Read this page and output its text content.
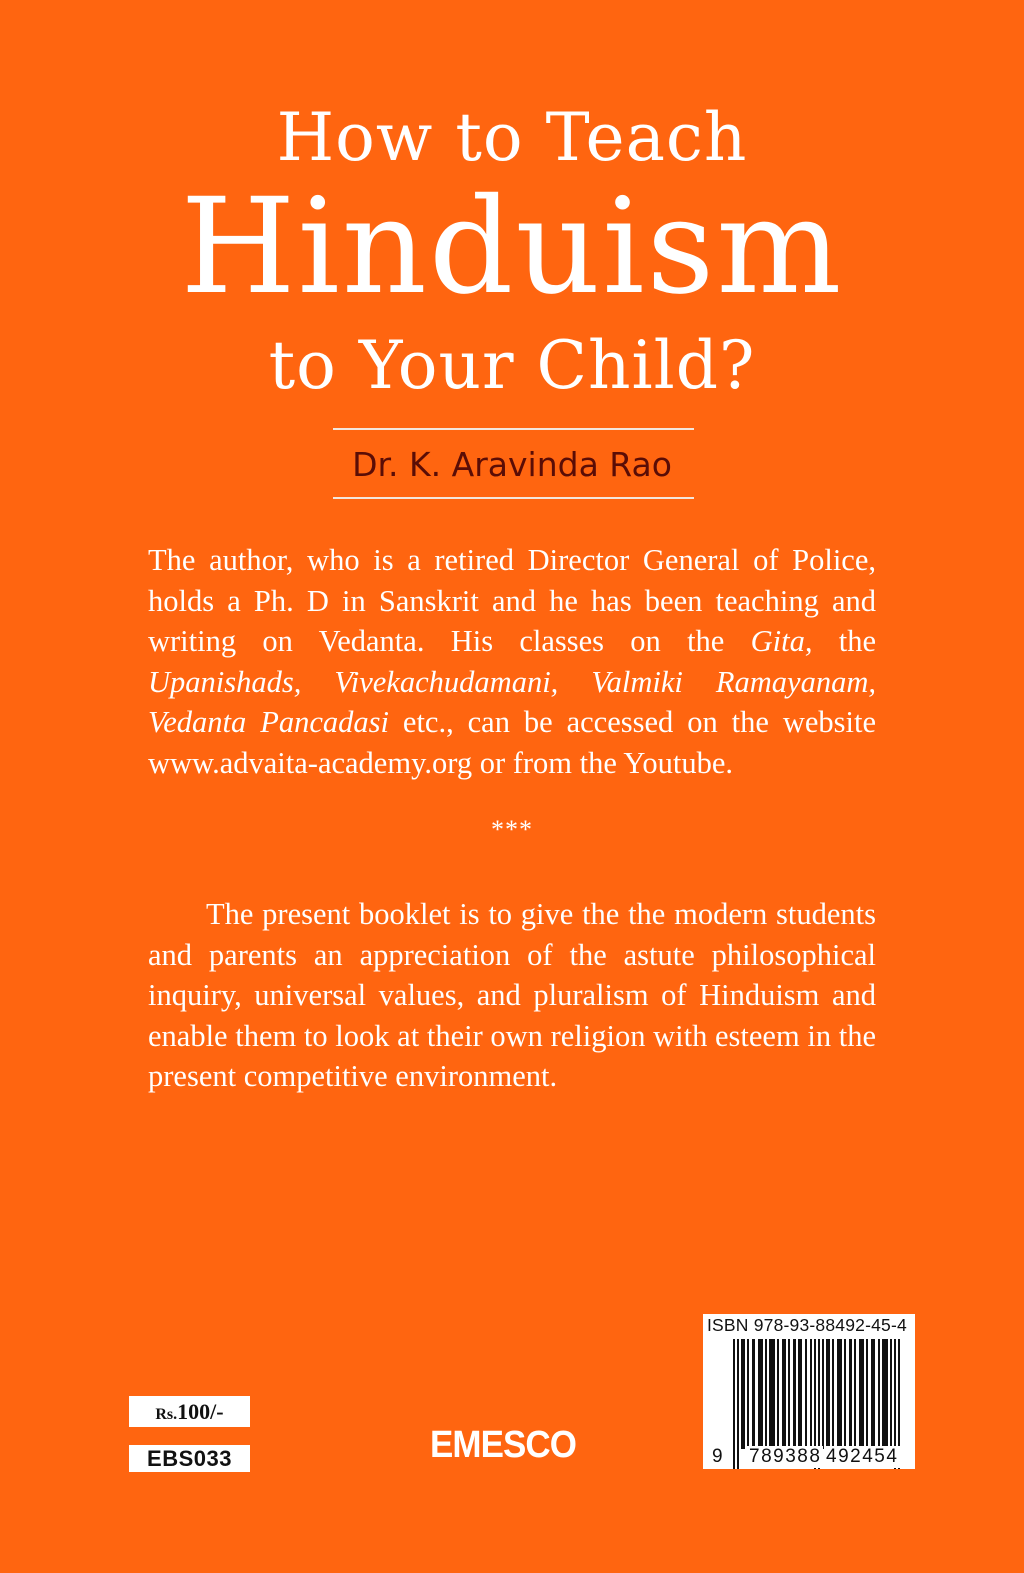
How to Teach
Hinduism
to Your Child?
Dr. K. Aravinda Rao
The author, who is a retired Director General of Police, holds a Ph. D in Sanskrit and he has been teaching and writing on Vedanta. His classes on the Gita, the Upanishads, Vivekachudamani, Valmiki Ramayanam, Vedanta Pancadasi etc., can be accessed on the website www.advaita-academy.org or from the Youtube.
***
The present booklet is to give the the modern students and parents an appreciation of the astute philosophical inquiry, universal values, and pluralism of Hinduism and enable them to look at their own religion with esteem in the present competitive environment.
Rs.100/-
EBS033	EMESCO
ISBN 978-93-88492-45-4
9 789388 492454
